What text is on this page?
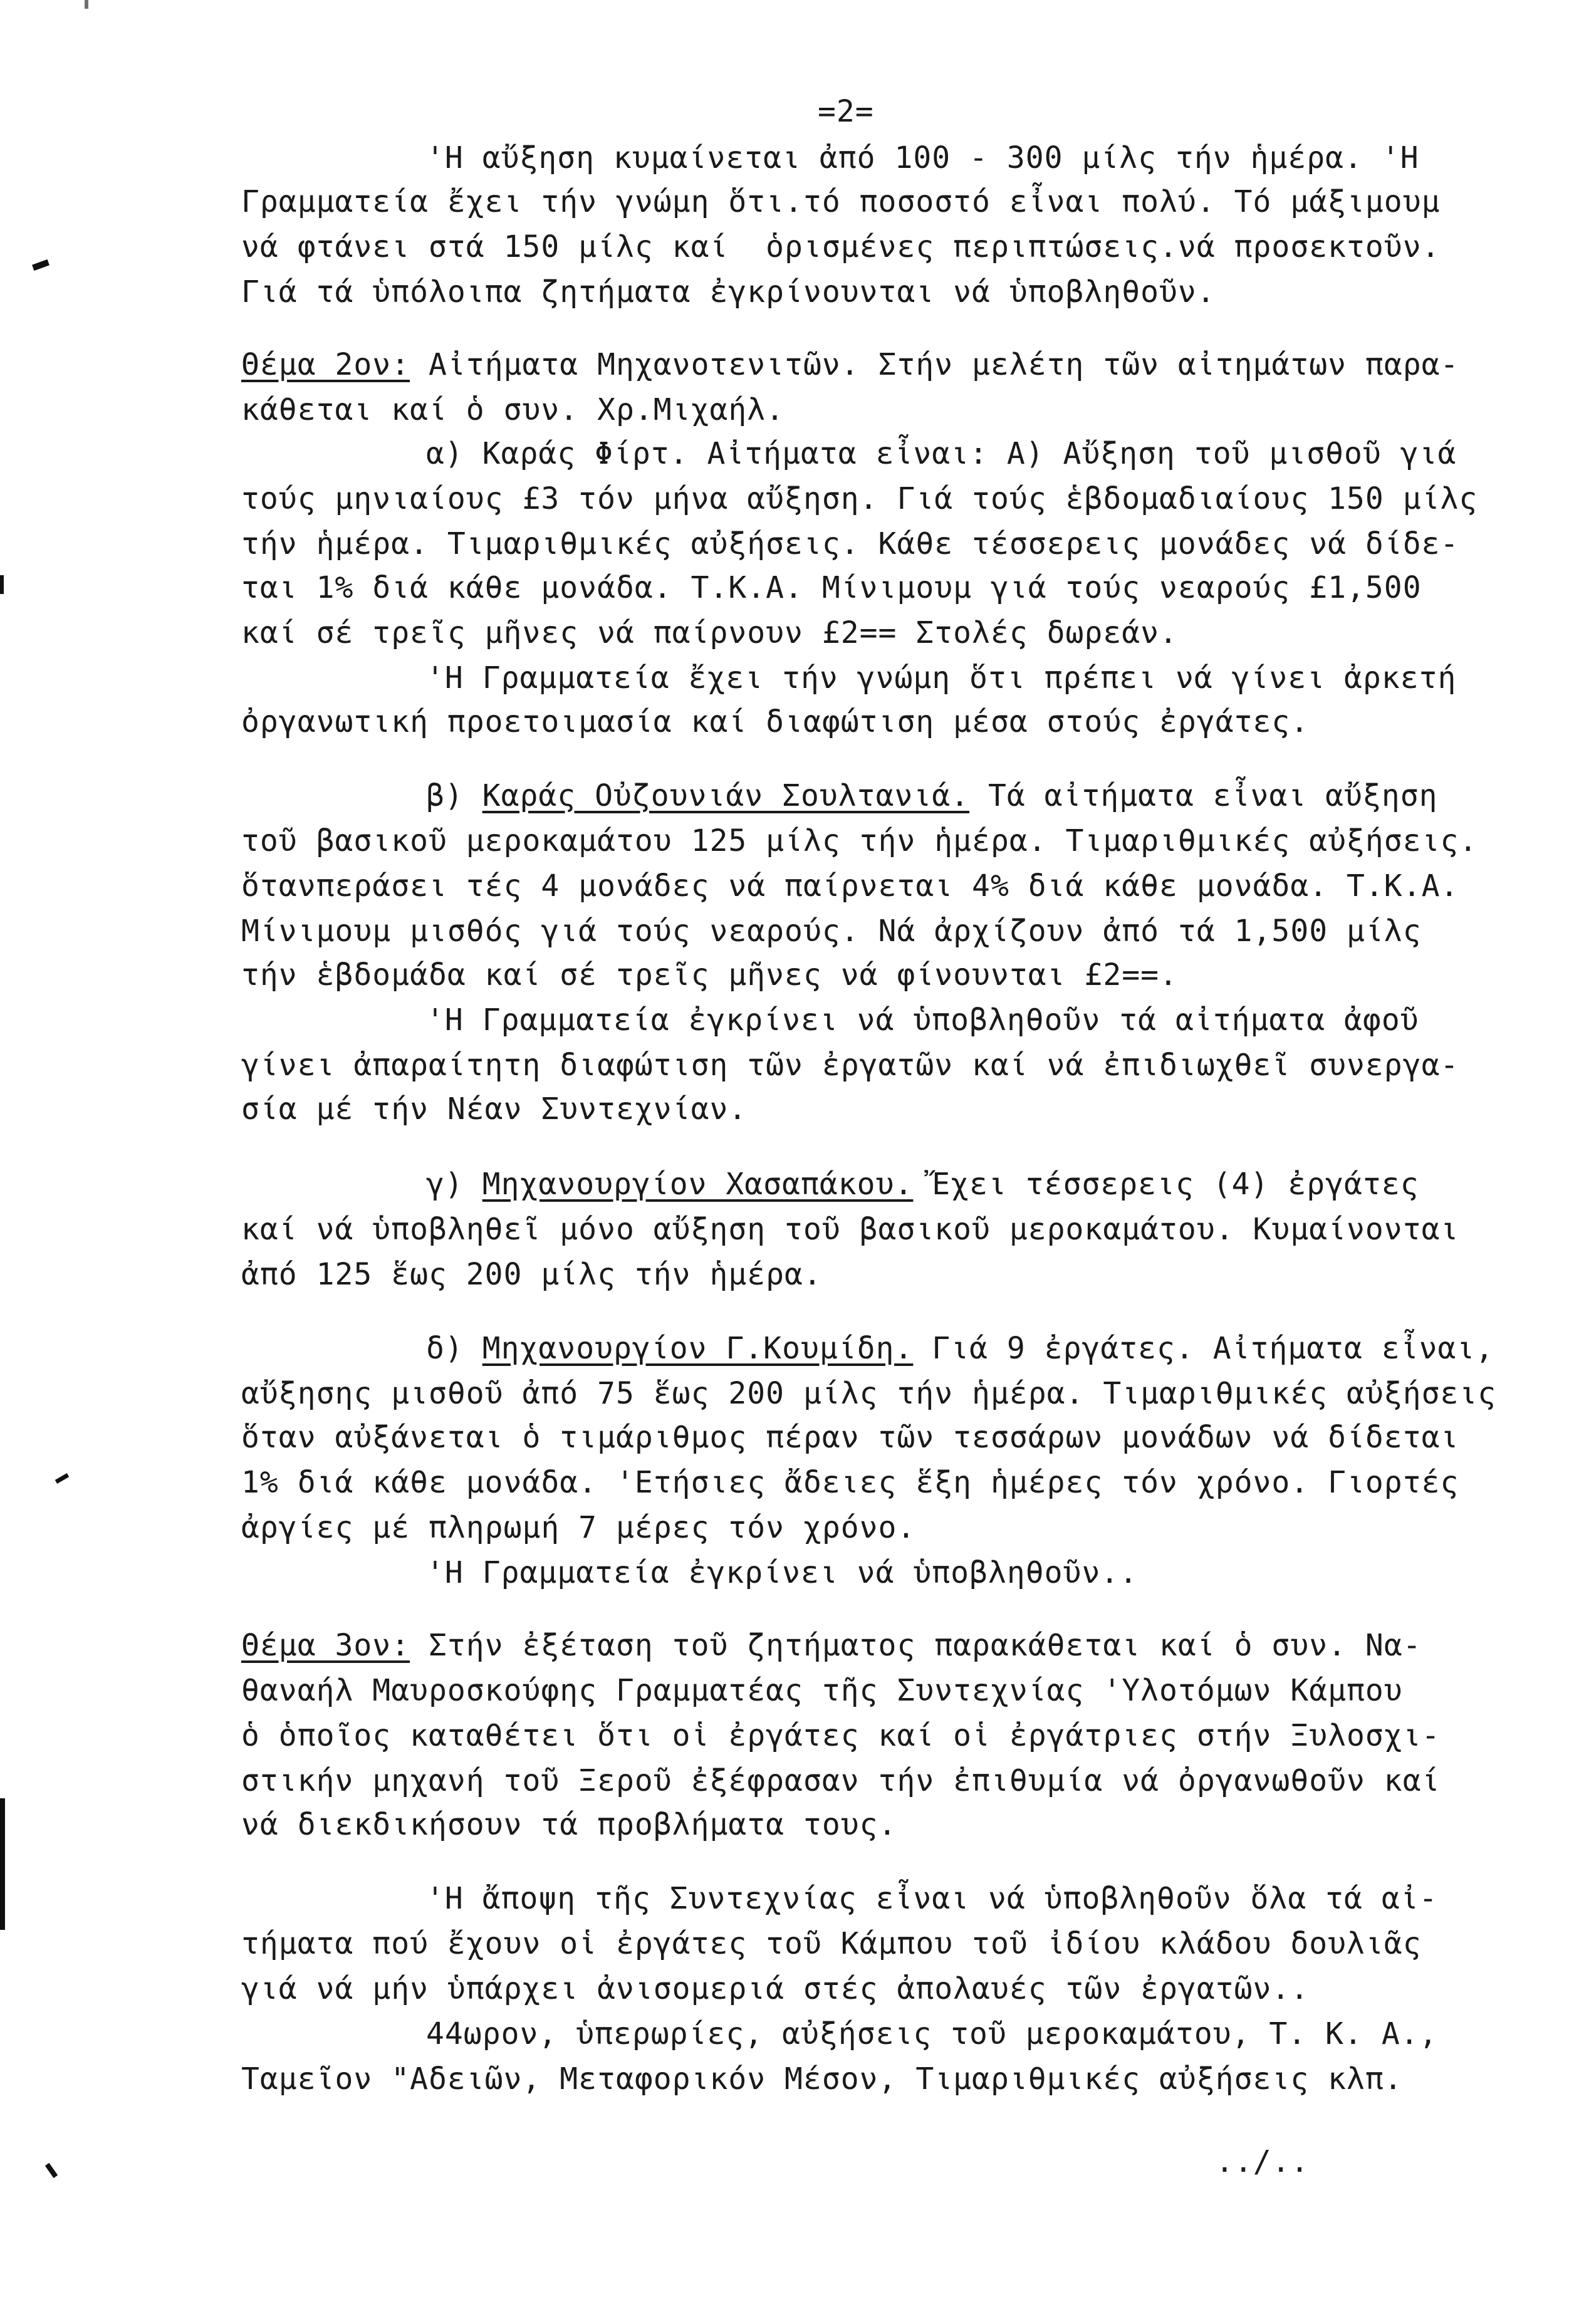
=2=
'Η αὔξηση κυμαίνεται ἀπό 100 - 300 μίλς τήν ἡμέρα. 'Η
Γραμματεία ἔχει τήν γνώμη ὅτι.τό ποσοστό εἶναι πολύ. Τό μάξιμουμ
νά φτάνει στά 150 μίλς καί  ὁρισμένες περιπτώσεις.νά προσεκτοῦν.
Γιά τά ὑπόλοιπα ζητήματα ἐγκρίνουνται νά ὑποβληθοῦν.
Θέμα 2ον: Αἰτήματα Μηχανοτενιτῶν. Στήν μελέτη τῶν αἰτημάτων παρα-
κάθεται καί ὁ συν. Χρ.Μιχαήλ.
α) Καράς Φίρτ. Αἰτήματα εἶναι: Α) Αὔξηση τοῦ μισθοῦ γιά
τούς μηνιαίους £3 τόν μήνα αὔξηση. Γιά τούς ἑβδομαδιαίους 150 μίλς
τήν ἡμέρα. Τιμαριθμικές αὐξήσεις. Κάθε τέσσερεις μονάδες νά δίδε-
ται 1% διά κάθε μονάδα. Τ.Κ.Α. Μίνιμουμ γιά τούς νεαρούς £1,500
καί σέ τρεῖς μῆνες νά παίρνουν £2== Στολές δωρεάν.
'Η Γραμματεία ἔχει τήν γνώμη ὅτι πρέπει νά γίνει ἀρκετή
ὀργανωτική προετοιμασία καί διαφώτιση μέσα στούς ἐργάτες.
β) Καράς Οὐζουνιάν Σουλτανιά. Τά αἰτήματα εἶναι αὔξηση
τοῦ βασικοῦ μεροκαμάτου 125 μίλς τήν ἡμέρα. Τιμαριθμικές αὐξήσεις.
ὅτανπεράσει τές 4 μονάδες νά παίρνεται 4% διά κάθε μονάδα. Τ.Κ.Α.
Μίνιμουμ μισθός γιά τούς νεαρούς. Νά ἀρχίζουν ἀπό τά 1,500 μίλς
τήν ἑβδομάδα καί σέ τρεῖς μῆνες νά φίνουνται £2==.
'Η Γραμματεία ἐγκρίνει νά ὑποβληθοῦν τά αἰτήματα ἀφοῦ
γίνει ἀπαραίτητη διαφώτιση τῶν ἐργατῶν καί νά ἐπιδιωχθεῖ συνεργα-
σία μέ τήν Νέαν Συντεχνίαν.
γ) Μηχανουργίον Χασαπάκου. Ἔχει τέσσερεις (4) ἐργάτες
καί νά ὑποβληθεῖ μόνο αὔξηση τοῦ βασικοῦ μεροκαμάτου. Κυμαίνονται
ἀπό 125 ἕως 200 μίλς τήν ἡμέρα.
δ) Μηχανουργίον Γ.Κουμίδη. Γιά 9 ἐργάτες. Αἰτήματα εἶναι,
αὔξησης μισθοῦ ἀπό 75 ἕως 200 μίλς τήν ἡμέρα. Τιμαριθμικές αὐξήσεις
ὅταν αὐξάνεται ὁ τιμάριθμος πέραν τῶν τεσσάρων μονάδων νά δίδεται
1% διά κάθε μονάδα. 'Ετήσιες ἄδειες ἕξη ἡμέρες τόν χρόνο. Γιορτές
ἀργίες μέ πληρωμή 7 μέρες τόν χρόνο.
'Η Γραμματεία ἐγκρίνει νά ὑποβληθοῦν..
Θέμα 3ον: Στήν ἐξέταση τοῦ ζητήματος παρακάθεται καί ὁ συν. Να-
θαναήλ Μαυροσκούφης Γραμματέας τῆς Συντεχνίας 'Υλοτόμων Κάμπου
ὁ ὁποῖος καταθέτει ὅτι οἱ ἐργάτες καί οἱ ἐργάτριες στήν Ξυλοσχι-
στικήν μηχανή τοῦ Ξεροῦ ἐξέφρασαν τήν ἐπιθυμία νά ὀργανωθοῦν καί
νά διεκδικήσουν τά προβλήματα τους.
'Η ἄποψη τῆς Συντεχνίας εἶναι νά ὑποβληθοῦν ὅλα τά αἰ-
τήματα πού ἔχουν οἱ ἐργάτες τοῦ Κάμπου τοῦ ἰδίου κλάδου δουλιᾶς
γιά νά μήν ὑπάρχει ἀνισομεριά στές ἀπολαυές τῶν ἐργατῶν..
44ωρον, ὑπερωρίες, αὐξήσεις τοῦ μεροκαμάτου, Τ. Κ. Α.,
Ταμεῖον "Αδειῶν, Μεταφορικόν Μέσον, Τιμαριθμικές αὐξήσεις κλπ.
../..
